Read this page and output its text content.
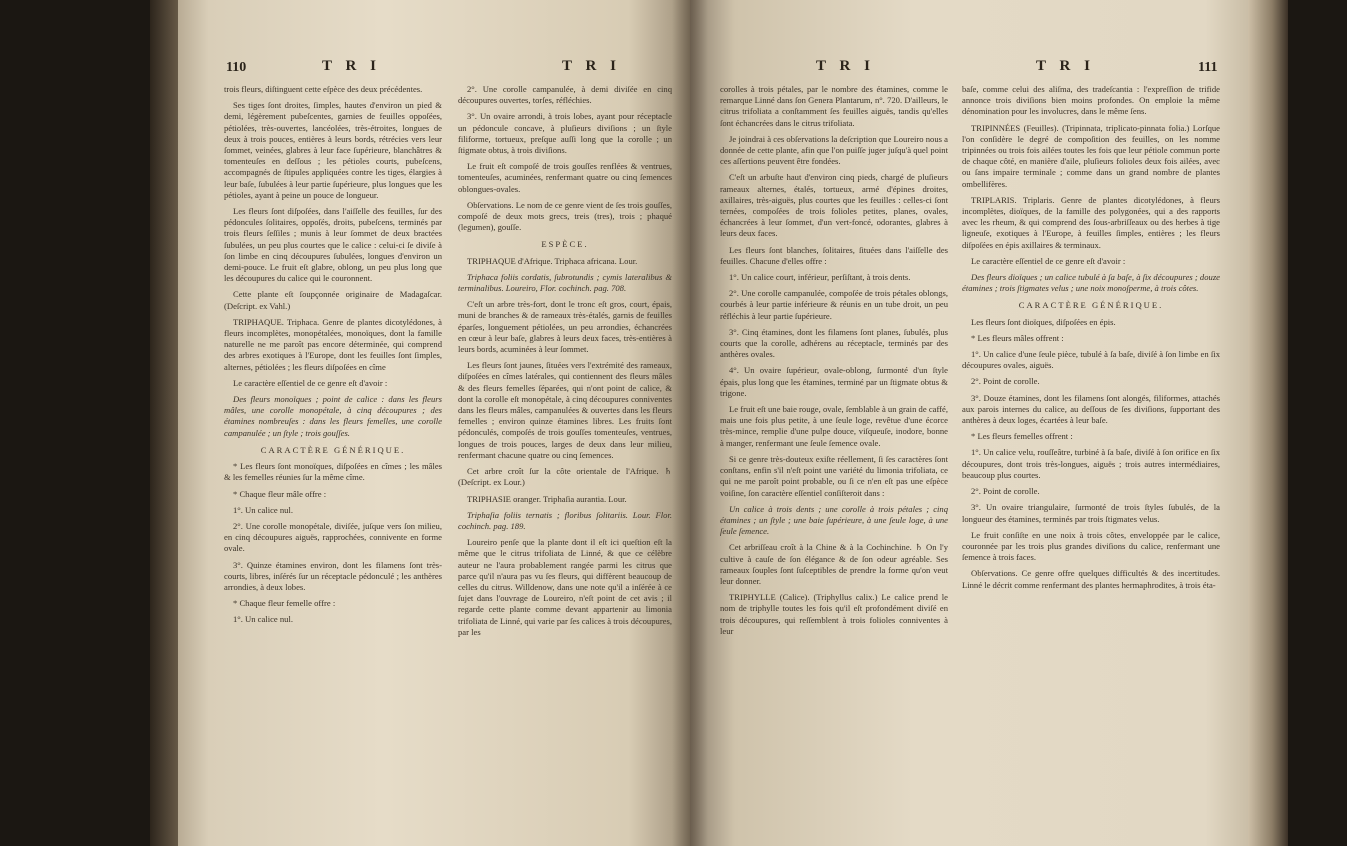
110	T R I	T R I

trois fleurs, diſtinguent cette eſpèce des deux précédentes.

Ses tiges ſont droites, ſimples, hautes d'environ un pied & demi, légèrement pubeſcentes, garnies de feuilles oppoſées, pétiolées, très-ouvertes, lancéolées, très-étroites, longues de deux à trois pouces, entières à leurs bords, rétrécies vers leur ſommet, veinées, glabres à leur face ſupérieure, blanchâtres & tomenteuſes en deſſous ; les pétioles courts, pubeſcens, accompagnés de ſtipules appliquées contre les tiges, élargies à leur baſe, ſubulées à leur partie ſupérieure, plus longues que les pétioles, ayant à peine un pouce de longueur.

Les fleurs ſont diſpoſées, dans l'aiſſelle des feuilles, ſur des pédoncules ſolitaires, oppoſés, droits, pubeſcens, terminés par trois fleurs ſeſſiles ; munis à leur ſommet de deux bractées ſubulées, un peu plus courtes que le calice : celui-ci ſe diviſe à ſon limbe en cinq découpures ſubulées, longues d'environ un demi-pouce. Le fruit eſt glabre, oblong, un peu plus long que les découpures du calice qui le couronnent.

Cette plante eſt ſoupçonnée originaire de Madagaſcar. (Deſcript. ex Vahl.)

TRIPHAQUE. Triphaca. Genre de plantes dicotylédones, à fleurs incomplètes, monopétalées, monoïques, dont la famille naturelle ne me paroît pas encore déterminée, qui comprend des arbres exotiques à l'Europe, dont les feuilles ſont ſimples, alternes, pétiolées ; les fleurs diſpoſées en cîme

Le caractère eſſentiel de ce genre eſt d'avoir :

Des fleurs monoïques ; point de calice : dans les fleurs mâles, une corolle monopétale, à cinq découpures ; des étamines nombreuſes : dans les fleurs femelles, une corolle campanulée ; un ſtyle ; trois gouſſes.

CARACTÈRE GÉNÉRIQUE.

* Les fleurs ſont monoïques, diſpoſées en cîmes ; les mâles & les femelles réunies ſur la même cîme.

* Chaque fleur mâle offre :

1°. Un calice nul.

2°. Une corolle monopétale, diviſée, juſque vers ſon milieu, en cinq découpures aiguës, rapprochées, connivente en forme ovale.

3°. Quinze étamines environ, dont les filamens ſont très-courts, libres, inſérés ſur un réceptacle pédonculé ; les anthères arrondies, à deux lobes.

* Chaque fleur femelle offre :

1°. Un calice nul.

2°. Une corolle campanulée, à demi diviſée en cinq découpures ouvertes, torſes, réfléchies.

3°. Un ovaire arrondi, à trois lobes, ayant pour réceptacle un pédoncule concave, à pluſieurs diviſions ; un ſtyle filiforme, tortueux, preſque auſſi long que la corolle ; un ſtigmate obtus, à trois diviſions.

Le fruit eſt compoſé de trois gouſſes renflées & ventrues, tomenteuſes, acuminées, renfermant quatre ou cinq ſemences oblongues-ovales.

Obſervations. Le nom de ce genre vient de ſes trois gouſſes, compoſé de deux mots grecs, treis (tres), trois ; phaqué (legumen), gouſſe.

ESPÈCE.

TRIPHAQUE d'Afrique. Triphaca africana. Lour.

Triphaca foliis cordatis, ſubrotundis ; cymis lateralibus & terminalibus. Loureiro, Flor. cochinch. pag. 708.

C'eſt un arbre très-fort, dont le tronc eſt gros, court, épais, muni de branches & de rameaux très-étalés, garnis de feuilles éparſes, longuement pétiolées, un peu arrondies, échancrées en cœur à leur baſe, glabres à leurs deux faces, très-entières à leurs bords, acuminées à leur ſommet.

Les fleurs ſont jaunes, ſituées vers l'extrémité des rameaux, diſpoſées en cîmes latérales, qui contiennent des fleurs mâles & des fleurs femelles ſéparées, qui n'ont point de calice, & dont la corolle eſt monopétale, à cinq découpures conniventes dans les fleurs mâles, campanulées & ouvertes dans les fleurs femelles ; environ quinze étamines libres. Les fruits ſont pédonculés, compoſés de trois gouſſes tomenteuſes, ventrues, longues de trois pouces, larges de deux dans leur milieu, renfermant chacune quatre ou cinq ſemences.

Cet arbre croît ſur la côte orientale de l'Afrique. ♄ (Deſcript. ex Lour.)

TRIPHASIE oranger. Triphaſia aurantia. Lour.

Triphaſia foliis ternatis ; floribus ſolitariis. Lour. Flor. cochinch. pag. 189.

Loureiro penſe que la plante dont il eſt ici queſtion eſt la même que le citrus trifoliata de Linné, & que ce célèbre auteur ne l'aura probablement rangée parmi les citrus que parce qu'il n'aura pas vu ſes fleurs, qui diffèrent beaucoup de celles du citrus. Willdenow, dans une note qu'il a inſérée à ce ſujet dans l'ouvrage de Loureiro, n'eſt point de cet avis ; il regarde cette plante comme devant appartenir au limonia trifoliata de Linné, qui varie par ſes calices à trois découpures, par les

T R I	T R I	111

corolles à trois pétales, par le nombre des étamines, comme le remarque Linné dans ſon Genera Plantarum, n°. 720. D'ailleurs, le citrus trifoliata a conſtamment ſes feuilles aiguës, tandis qu'elles ſont échancrées dans le citrus trifoliata.

Je joindrai à ces obſervations la deſcription que Loureiro nous a donnée de cette plante, afin que l'on puiſſe juger juſqu'à quel point ces aſſertions peuvent être fondées.

C'eſt un arbuſte haut d'environ cinq pieds, chargé de pluſieurs rameaux alternes, étalés, tortueux, armé d'épines droites, axillaires, très-aiguës, plus courtes que les feuilles : celles-ci ſont ternées, compoſées de trois folioles petites, planes, ovales, échancrées à leur ſommet, d'un vert-foncé, odorantes, glabres à leurs deux faces.

Les fleurs ſont blanches, ſolitaires, ſituées dans l'aiſſelle des feuilles. Chacune d'elles offre :

1°. Un calice court, inférieur, perſiſtant, à trois dents.

2°. Une corolle campanulée, compoſée de trois pétales oblongs, courbés à leur partie inférieure & réunis en un tube droit, un peu réfléchis à leur partie ſupérieure.

3°. Cinq étamines, dont les filamens ſont planes, ſubulés, plus courts que la corolle, adhérens au réceptacle, terminés par des anthères ovales.

4°. Un ovaire ſupérieur, ovale-oblong, ſurmonté d'un ſtyle épais, plus long que les étamines, terminé par un ſtigmate obtus & trigone.

Le fruit eſt une baie rouge, ovale, ſemblable à un grain de caffé, mais une fois plus petite, à une ſeule loge, revêtue d'une écorce très-mince, remplie d'une pulpe douce, viſqueuſe, inodore, bonne à manger, renfermant une ſeule ſemence ovale.

Si ce genre très-douteux exiſte réellement, ſi ſes caractères ſont conſtans, enfin s'il n'eſt point une variété du limonia trifoliata, ce qui ne me paroît point probable, ou ſi ce n'en eſt pas une eſpèce voiſine, ſon caractère eſſentiel conſiſteroit dans :

Un calice à trois dents ; une corolle à trois pétales ; cinq étamines ; un ſtyle ; une baie ſupérieure, à une ſeule loge, à une ſeule ſemence.

Cet arbriſſeau croît à la Chine & à la Cochinchine. ♄ On l'y cultive à cauſe de ſon élégance & de ſon odeur agréable. Ses rameaux ſouples ſont ſuſceptibles de prendre la forme qu'on veut leur donner.

TRIPHYLLE (Calice). (Triphyllus calix.) Le calice prend le nom de triphylle toutes les fois qu'il eſt profondément diviſé en trois découpures, qui reſſemblent à trois folioles conniventes à leur

baſe, comme celui des aliſma, des tradeſcantia : l'expreſſion de trifide annonce trois diviſions bien moins profondes. On emploie la même dénomination pour les involucres, dans le même ſens.

TRIPINNÉES (Feuilles). (Tripinnata, triplicato-pinnata folia.) Lorſque l'on conſidère le degré de compoſition des feuilles, on les nomme tripinnées ou trois fois ailées toutes les fois que leur pétiole commun porte de chaque côté, en manière d'aile, pluſieurs folioles deux fois ailées, avec ou ſans impaire terminale ; comme dans un grand nombre de plantes ombellifères.

TRIPLARIS. Triplaris. Genre de plantes dicotylédones, à fleurs incomplètes, dioïques, de la famille des polygonées, qui a des rapports avec les rheum, & qui comprend des ſous-arbriſſeaux ou des herbes à tige ligneuſe, exotiques à l'Europe, à feuilles ſimples, entières ; les fleurs diſpoſées en épis axillaires & terminaux.

Le caractère eſſentiel de ce genre eſt d'avoir :

Des fleurs dioïques ; un calice tubulé à ſa baſe, à ſix découpures ; douze étamines ; trois ſtigmates velus ; une noix monoſperme, à trois côtes.

CARACTÈRE GÉNÉRIQUE.

Les fleurs ſont dioïques, diſpoſées en épis.

* Les fleurs mâles offrent :

1°. Un calice d'une ſeule pièce, tubulé à ſa baſe, diviſé à ſon limbe en ſix découpures ovales, aiguës.

2°. Point de corolle.

3°. Douze étamines, dont les filamens ſont alongés, filiformes, attachés aux parois internes du calice, au deſſous de ſes diviſions, ſupportant des anthères à deux loges, écartées à leur baſe.

* Les fleurs femelles offrent :

1°. Un calice velu, rouſſeâtre, turbiné à ſa baſe, diviſé à ſon orifice en ſix découpures, dont trois très-longues, aiguës ; trois autres intermédiaires, beaucoup plus courtes.

2°. Point de corolle.

3°. Un ovaire triangulaire, ſurmonté de trois ſtyles ſubulés, de la longueur des étamines, terminés par trois ſtigmates velus.

Le fruit conſiſte en une noix à trois côtes, enveloppée par le calice, couronnée par les trois plus grandes diviſions du calice, renfermant une ſemence à trois faces.

Obſervations. Ce genre offre quelques difficultés & des incertitudes. Linné le décrit comme renfermant des plantes hermaphrodites, à trois éta-
